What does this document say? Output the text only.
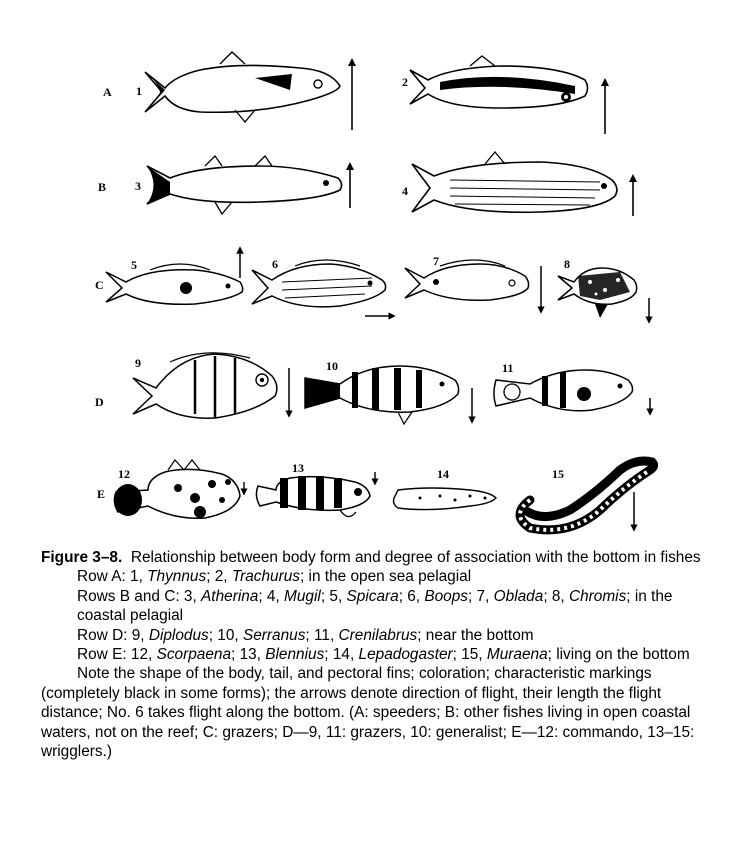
A
B
C
D
E
1
2
3	4
5	6	7	8
9	10	11
12	13	14	15

Figure 3–8. Relationship between body form and degree of association with the bottom in fishes

Row A: 1, Thynnus; 2, Trachurus; in the open sea pelagial

Rows B and C: 3, Atherina; 4, Mugil; 5, Spicara; 6, Boops; 7, Oblada; 8, Chromis; in the coastal pelagial

Row D: 9, Diplodus; 10, Serranus; 11, Crenilabrus; near the bottom

Row E: 12, Scorpaena; 13, Blennius; 14, Lepadogaster; 15, Muraena; living on the bottom

Note the shape of the body, tail, and pectoral fins; coloration; characteristic markings (completely black in some forms); the arrows denote direction of flight, their length the flight distance; No. 6 takes flight along the bottom. (A: speeders; B: other fishes living in open coastal waters, not on the reef; C: grazers; D—9, 11: grazers, 10: generalist; E—12: commando, 13–15: wrigglers.)
